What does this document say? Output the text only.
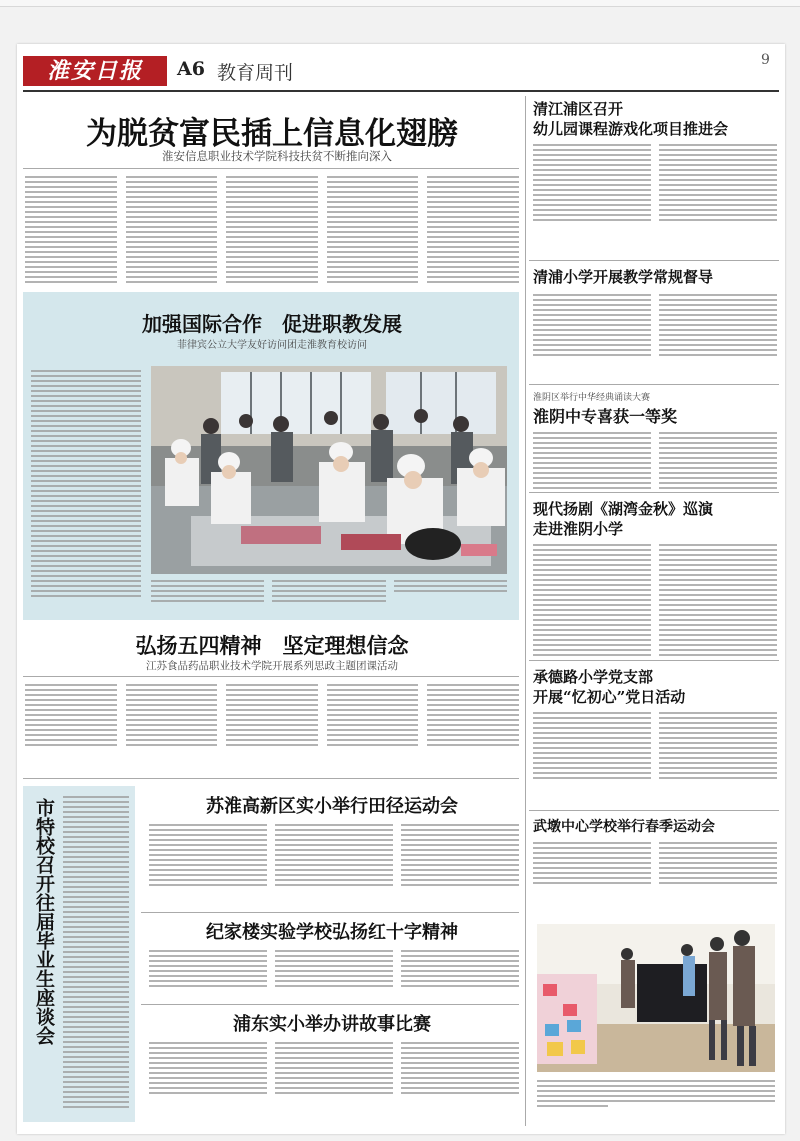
淮安日报	A6 教育周刊
9
为脱贫富民插上信息化翅膀
淮安信息职业技术学院科技扶贫不断推向深入
加强国际合作　促进职教发展
菲律宾公立大学友好访问团走淮教育校访问
弘扬五四精神　坚定理想信念
江苏食品药品职业技术学院开展系列思政主题团课活动
市特校召开往届毕业生座谈会	苏淮高新区实小举行田径运动会
纪家楼实验学校弘扬红十字精神
浦东实小举办讲故事比赛
清江浦区召开
幼儿园课程游戏化项目推进会
清浦小学开展教学常规督导
淮阴区举行中华经典诵读大赛
淮阴中专喜获一等奖
现代扬剧《湖湾金秋》巡演
走进淮阴小学
承德路小学党支部
开展“忆初心”党日活动
武墩中心学校举行春季运动会
